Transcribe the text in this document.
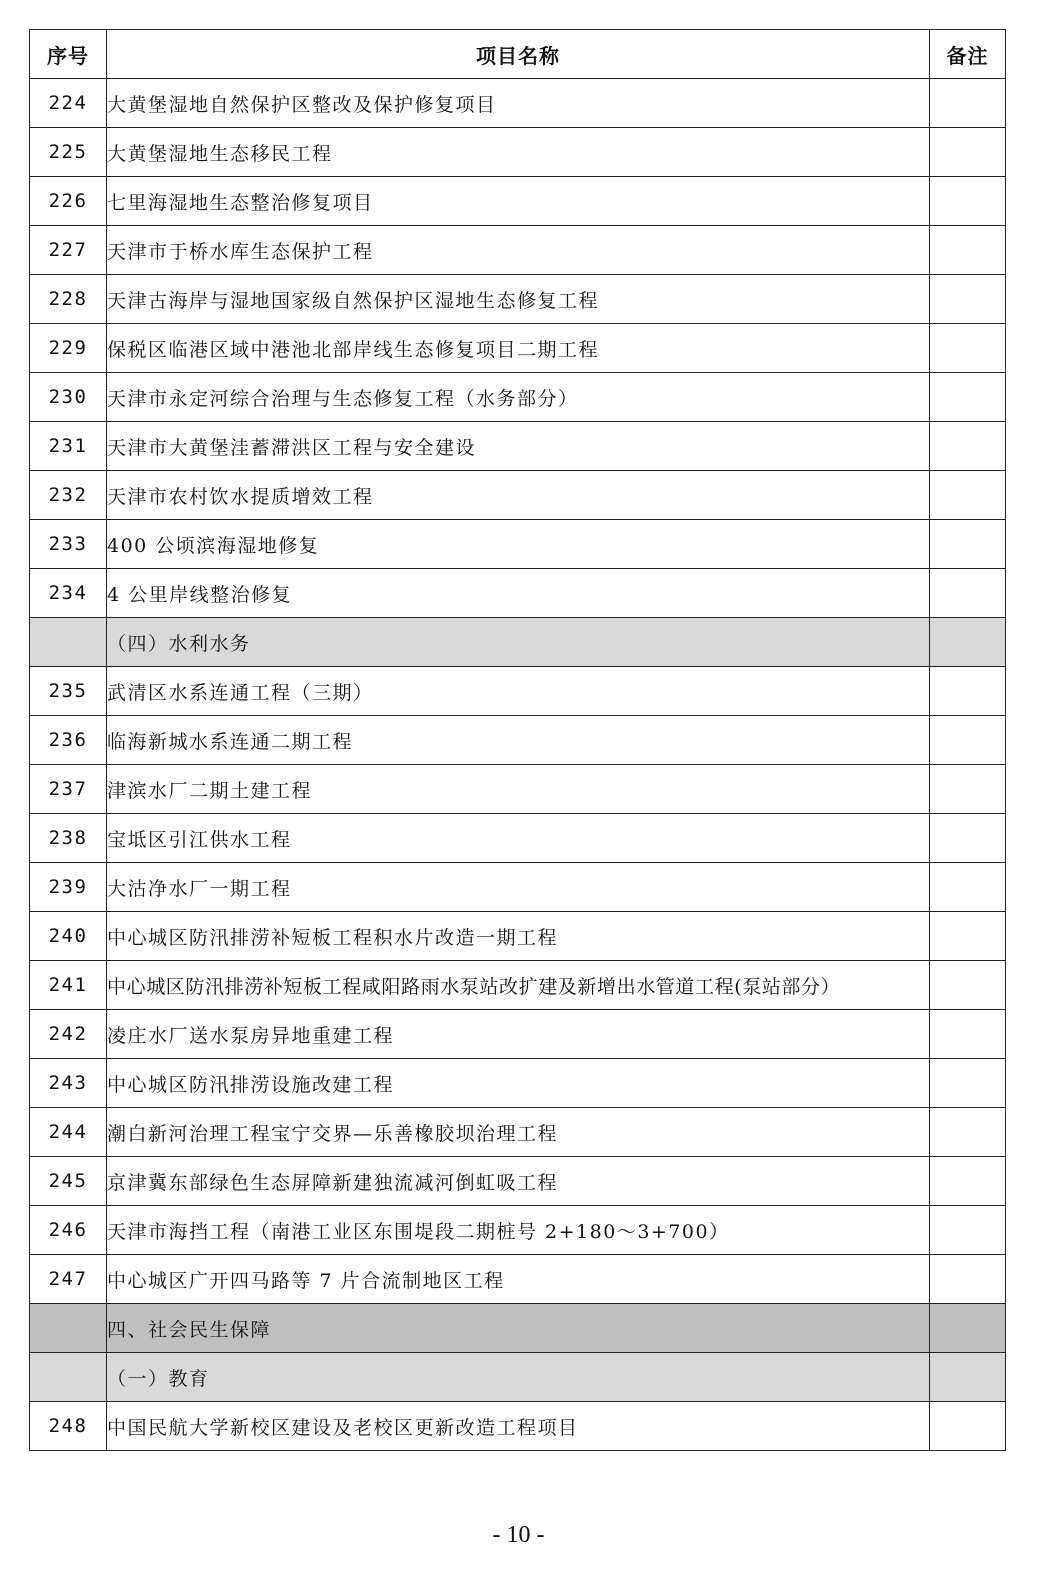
序号	项目名称	备注
224	大黄堡湿地自然保护区整改及保护修复项目	
225	大黄堡湿地生态移民工程	
226	七里海湿地生态整治修复项目	
227	天津市于桥水库生态保护工程	
228	天津古海岸与湿地国家级自然保护区湿地生态修复工程	
229	保税区临港区域中港池北部岸线生态修复项目二期工程	
230	天津市永定河综合治理与生态修复工程（水务部分）	
231	天津市大黄堡洼蓄滞洪区工程与安全建设	
232	天津市农村饮水提质增效工程	
233	400 公顷滨海湿地修复	
234	4 公里岸线整治修复	
	（四）水利水务	
235	武清区水系连通工程（三期）	
236	临海新城水系连通二期工程	
237	津滨水厂二期土建工程	
238	宝坻区引江供水工程	
239	大沽净水厂一期工程	
240	中心城区防汛排涝补短板工程积水片改造一期工程	
241	中心城区防汛排涝补短板工程咸阳路雨水泵站改扩建及新增出水管道工程(泵站部分）	
242	凌庄水厂送水泵房异地重建工程	
243	中心城区防汛排涝设施改建工程	
244	潮白新河治理工程宝宁交界—乐善橡胶坝治理工程	
245	京津冀东部绿色生态屏障新建独流减河倒虹吸工程	
246	天津市海挡工程（南港工业区东围堤段二期桩号 2+180～3+700）	
247	中心城区广开四马路等 7 片合流制地区工程	
	四、社会民生保障	
	（一）教育	
248	中国民航大学新校区建设及老校区更新改造工程项目	
- 10 -
